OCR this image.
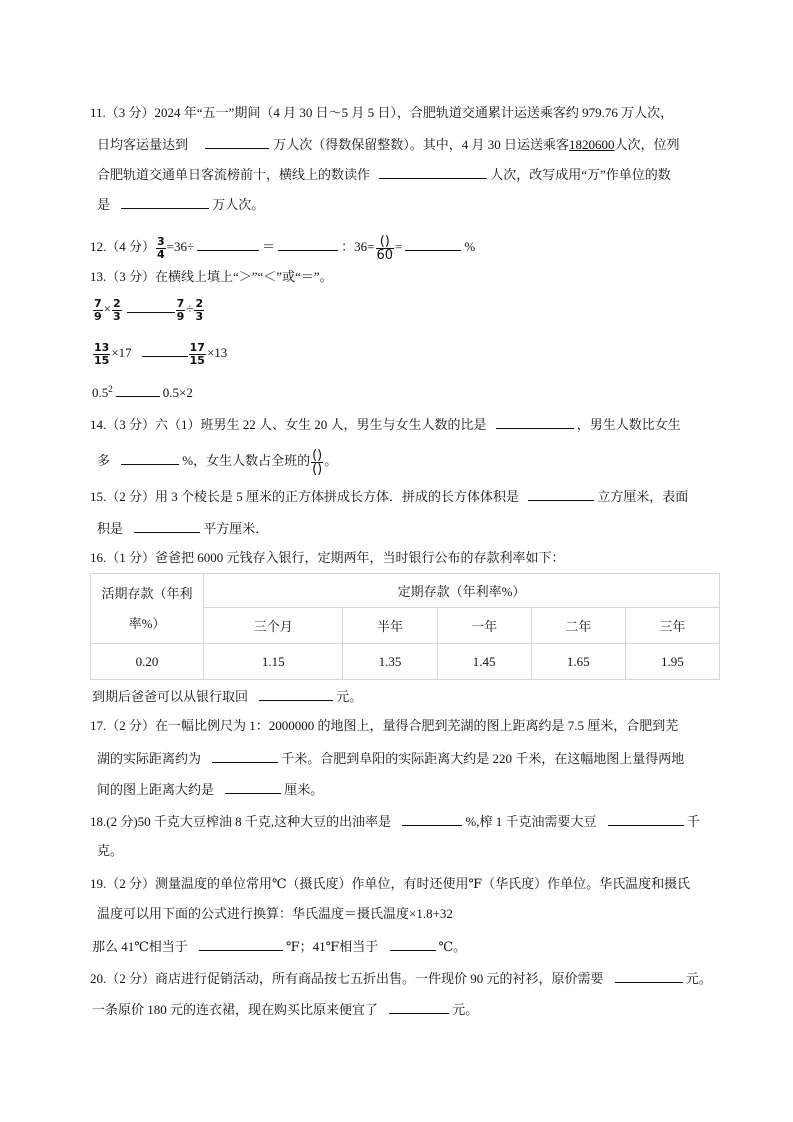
11.（3 分）2024 年“五一”期间（4 月 30 日～5 月 5 日），合肥轨道交通累计运送乘客约 979.76 万人次，
日均客运量达到	万人次（得数保留整数）。其中，4 月 30 日运送乘客1820600人次，位列
合肥轨道交通单日客流榜前十，横线上的数读作	人次，改写成用“万”作单位的数
是	万人次。
12.（4 分） $\frac{3}{4} =36\div$	＝	：$36= \frac{()}{60}$ =	%
13.（3 分）在横线上填上“＞”“＜”或“＝”。
$\frac{7}{9} \times \frac{2}{3}$	$\frac{7}{9} \div \frac{2}{3}$
$\frac{13}{15} \times 17$	$\frac{17}{15} \times 13$
$0.5^2$	0.5×2
14.（3 分）六（1）班男生 22 人、女生 20 人，男生与女生人数的比是	，男生人数比女生
多	%，女生人数占全班的 $\frac{()}{()}$ 。
15.（2 分）用 3 个棱长是 5 厘米的正方体拼成长方体．拼成的长方体体积是	立方厘米，表面
积是	平方厘米．
16.（1 分）爸爸把 6000 元钱存入银行，定期两年，当时银行公布的存款利率如下：
活期存款（年利
率%）	定期存款（年利率%）				
	三个月	半年	一年	二年	三年
0.20	1.15	1.35	1.45	1.65	1.95
到期后爸爸可以从银行取回	元。
17.（2 分）在一幅比例尺为 1：2000000 的地图上，量得合肥到芜湖的图上距离约是 7.5 厘米，合肥到芜
湖的实际距离约为	千米。合肥到阜阳的实际距离大约是 220 千米，在这幅地图上量得两地
间的图上距离大约是	厘米。
18.(2 分)50 千克大豆榨油 8 千克,这种大豆的出油率是	%,榨 1 千克油需要大豆	千
克。
19.（2 分）测量温度的单位常用℃（摄氏度）作单位，有时还使用℉（华氏度）作单位。华氏温度和摄氏
温度可以用下面的公式进行换算：华氏温度＝摄氏温度×1.8+32
那么 41℃相当于	℉；41℉相当于	℃。
20.（2 分）商店进行促销活动，所有商品按七五折出售。一件现价 90 元的衬衫，原价需要	元。
一条原价 180 元的连衣裙，现在购买比原来便宜了	元。
